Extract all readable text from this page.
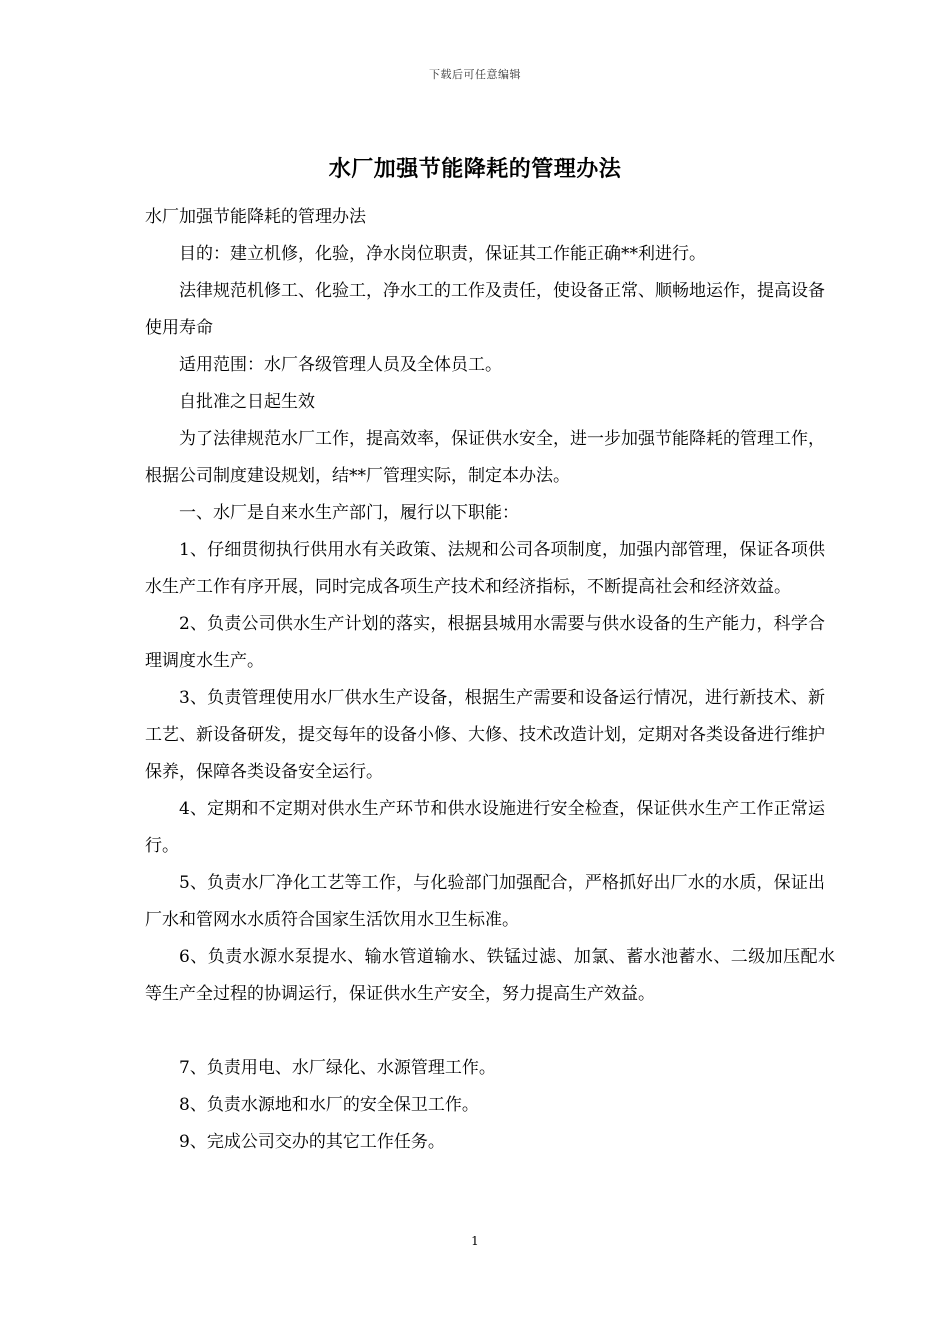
下载后可任意编辑
水厂加强节能降耗的管理办法

水厂加强节能降耗的管理办法

目的：建立机修，化验，净水岗位职责，保证其工作能正确**利进行。

法律规范机修工、化验工，净水工的工作及责任，使设备正常、顺畅地运作，提高设备使用寿命

适用范围：水厂各级管理人员及全体员工。

自批准之日起生效

为了法律规范水厂工作，提高效率，保证供水安全，进一步加强节能降耗的管理工作，根据公司制度建设规划，结**厂管理实际，制定本办法。

一、水厂是自来水生产部门，履行以下职能：

1、仔细贯彻执行供用水有关政策、法规和公司各项制度，加强内部管理，保证各项供水生产工作有序开展，同时完成各项生产技术和经济指标，不断提高社会和经济效益。

2、负责公司供水生产计划的落实，根据县城用水需要与供水设备的生产能力，科学合理调度水生产。

3、负责管理使用水厂供水生产设备，根据生产需要和设备运行情况，进行新技术、新工艺、新设备研发，提交每年的设备小修、大修、技术改造计划，定期对各类设备进行维护保养，保障各类设备安全运行。

4、定期和不定期对供水生产环节和供水设施进行安全检查，保证供水生产工作正常运行。

5、负责水厂净化工艺等工作，与化验部门加强配合，严格抓好出厂水的水质，保证出厂水和管网水水质符合国家生活饮用水卫生标准。

6、负责水源水泵提水、输水管道输水、铁锰过滤、加氯、蓄水池蓄水、二级加压配水等生产全过程的协调运行，保证供水生产安全，努力提高生产效益。

7、负责用电、水厂绿化、水源管理工作。

8、负责水源地和水厂的安全保卫工作。

9、完成公司交办的其它工作任务。

1
